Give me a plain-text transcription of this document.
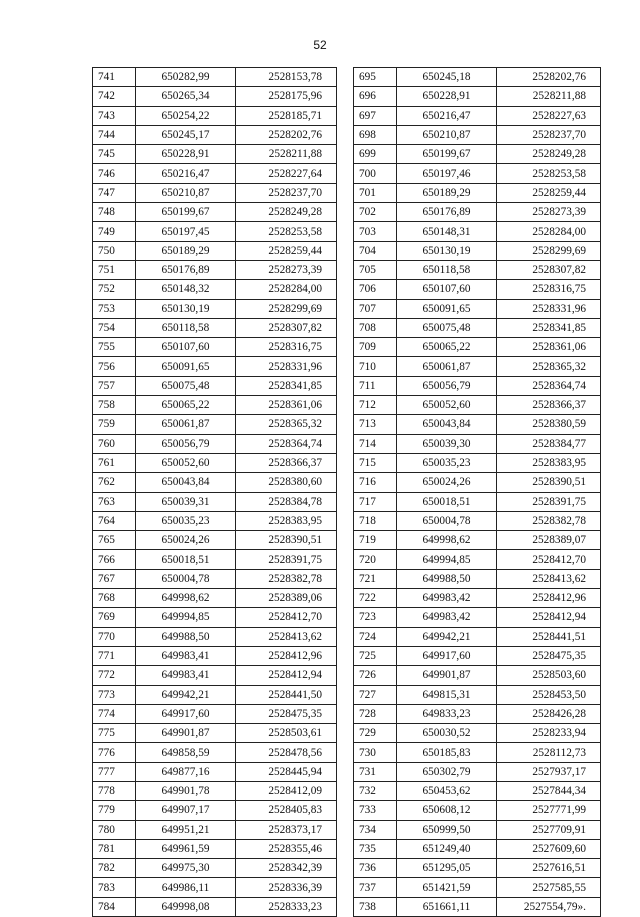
52
741	650282,99	2528153,78
742	650265,34	2528175,96
743	650254,22	2528185,71
744	650245,17	2528202,76
745	650228,91	2528211,88
746	650216,47	2528227,64
747	650210,87	2528237,70
748	650199,67	2528249,28
749	650197,45	2528253,58
750	650189,29	2528259,44
751	650176,89	2528273,39
752	650148,32	2528284,00
753	650130,19	2528299,69
754	650118,58	2528307,82
755	650107,60	2528316,75
756	650091,65	2528331,96
757	650075,48	2528341,85
758	650065,22	2528361,06
759	650061,87	2528365,32
760	650056,79	2528364,74
761	650052,60	2528366,37
762	650043,84	2528380,60
763	650039,31	2528384,78
764	650035,23	2528383,95
765	650024,26	2528390,51
766	650018,51	2528391,75
767	650004,78	2528382,78
768	649998,62	2528389,06
769	649994,85	2528412,70
770	649988,50	2528413,62
771	649983,41	2528412,96
772	649983,41	2528412,94
773	649942,21	2528441,50
774	649917,60	2528475,35
775	649901,87	2528503,61
776	649858,59	2528478,56
777	649877,16	2528445,94
778	649901,78	2528412,09
779	649907,17	2528405,83
780	649951,21	2528373,17
781	649961,59	2528355,46
782	649975,30	2528342,39
783	649986,11	2528336,39
784	649998,08	2528333,23
695	650245,18	2528202,76
696	650228,91	2528211,88
697	650216,47	2528227,63
698	650210,87	2528237,70
699	650199,67	2528249,28
700	650197,46	2528253,58
701	650189,29	2528259,44
702	650176,89	2528273,39
703	650148,31	2528284,00
704	650130,19	2528299,69
705	650118,58	2528307,82
706	650107,60	2528316,75
707	650091,65	2528331,96
708	650075,48	2528341,85
709	650065,22	2528361,06
710	650061,87	2528365,32
711	650056,79	2528364,74
712	650052,60	2528366,37
713	650043,84	2528380,59
714	650039,30	2528384,77
715	650035,23	2528383,95
716	650024,26	2528390,51
717	650018,51	2528391,75
718	650004,78	2528382,78
719	649998,62	2528389,07
720	649994,85	2528412,70
721	649988,50	2528413,62
722	649983,42	2528412,96
723	649983,42	2528412,94
724	649942,21	2528441,51
725	649917,60	2528475,35
726	649901,87	2528503,60
727	649815,31	2528453,50
728	649833,23	2528426,28
729	650030,52	2528233,94
730	650185,83	2528112,73
731	650302,79	2527937,17
732	650453,62	2527844,34
733	650608,12	2527771,99
734	650999,50	2527709,91
735	651249,40	2527609,60
736	651295,05	2527616,51
737	651421,59	2527585,55
738	651661,11	2527554,79».
